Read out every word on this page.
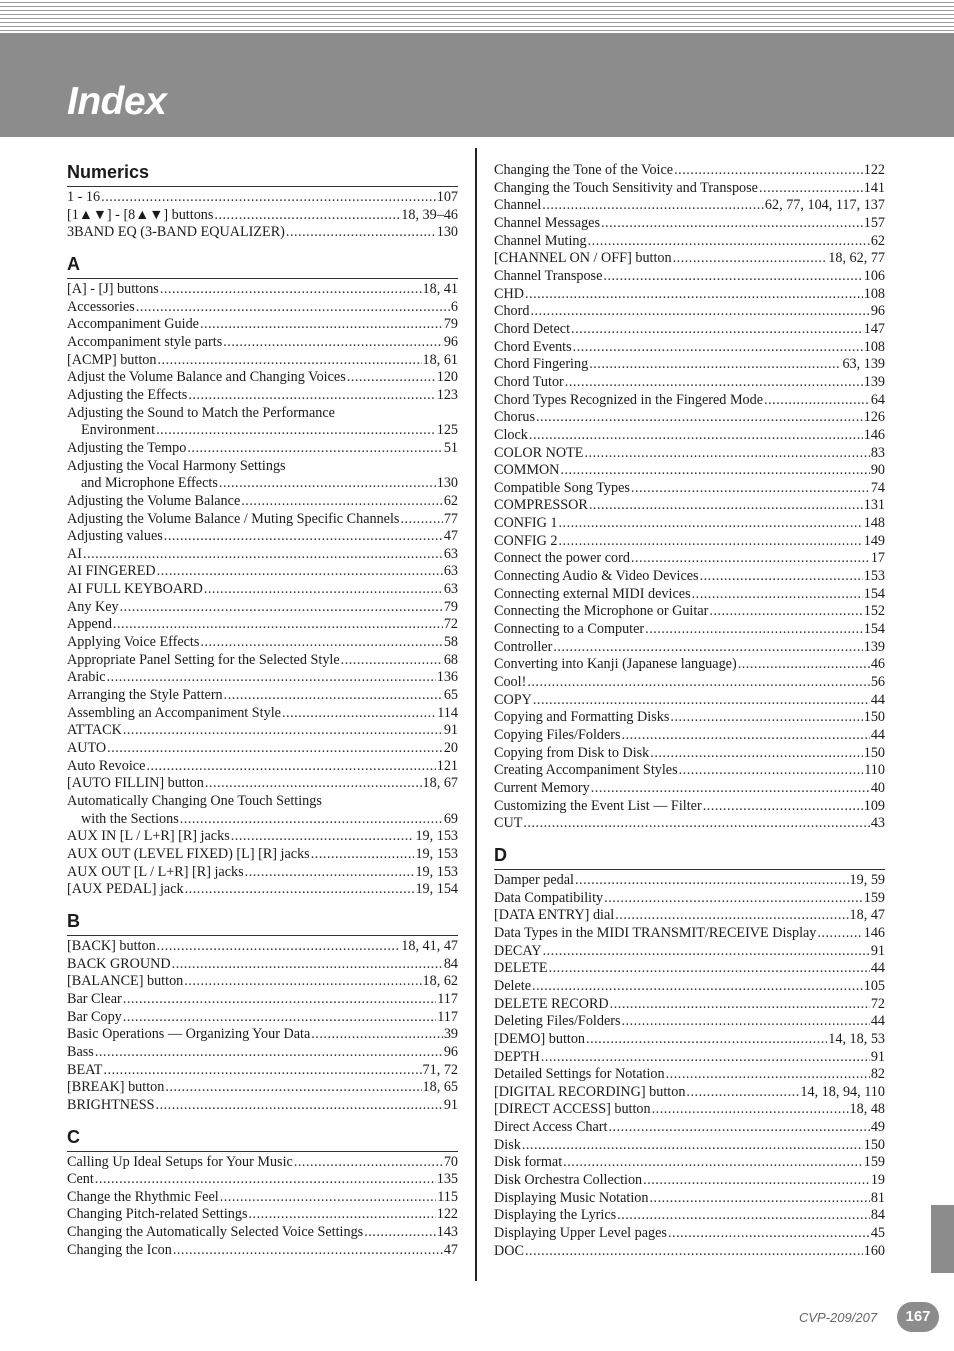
Index
Numerics
1 - 16 .....	107
[1▲▼] - [8▲▼] buttons .....	18, 39–46
3BAND EQ (3-BAND EQUALIZER) .....	130
A
[A] - [J] buttons .....	18, 41
Accessories .....	6
Accompaniment Guide .....	79
Accompaniment style parts .....	96
[ACMP] button .....	18, 61
Adjust the Volume Balance and Changing Voices .....	120
Adjusting the Effects .....	123
Adjusting the Sound to Match the Performance
Environment .....	125
Adjusting the Tempo .....	51
Adjusting the Vocal Harmony Settings
and Microphone Effects .....	130
Adjusting the Volume Balance .....	62
Adjusting the Volume Balance / Muting Specific Channels .....	77
Adjusting values .....	47
AI .....	63
AI FINGERED .....	63
AI FULL KEYBOARD .....	63
Any Key .....	79
Append .....	72
Applying Voice Effects .....	58
Appropriate Panel Setting for the Selected Style .....	68
Arabic .....	136
Arranging the Style Pattern .....	65
Assembling an Accompaniment Style .....	114
ATTACK .....	91
AUTO .....	20
Auto Revoice .....	121
[AUTO FILLIN] button .....	18, 67
Automatically Changing One Touch Settings
with the Sections .....	69
AUX IN [L / L+R] [R] jacks .....	19, 153
AUX OUT (LEVEL FIXED) [L] [R] jacks .....	19, 153
AUX OUT [L / L+R] [R] jacks .....	19, 153
[AUX PEDAL] jack .....	19, 154
B
[BACK] button .....	18, 41, 47
BACK GROUND .....	84
[BALANCE] button .....	18, 62
Bar Clear .....	117
Bar Copy .....	117
Basic Operations — Organizing Your Data .....	39
Bass .....	96
BEAT .....	71, 72
[BREAK] button .....	18, 65
BRIGHTNESS .....	91
C
Calling Up Ideal Setups for Your Music .....	70
Cent .....	135
Change the Rhythmic Feel .....	115
Changing Pitch-related Settings .....	122
Changing the Automatically Selected Voice Settings .....	143
Changing the Icon .....	47
Changing the Tone of the Voice .....	122
Changing the Touch Sensitivity and Transpose .....	141
Channel .....	62, 77, 104, 117, 137
Channel Messages .....	157
Channel Muting .....	62
[CHANNEL ON / OFF] button .....	18, 62, 77
Channel Transpose .....	106
CHD .....	108
Chord .....	96
Chord Detect .....	147
Chord Events .....	108
Chord Fingering .....	63, 139
Chord Tutor .....	139
Chord Types Recognized in the Fingered Mode .....	64
Chorus .....	126
Clock .....	146
COLOR NOTE .....	83
COMMON .....	90
Compatible Song Types .....	74
COMPRESSOR .....	131
CONFIG 1 .....	148
CONFIG 2 .....	149
Connect the power cord .....	17
Connecting Audio & Video Devices .....	153
Connecting external MIDI devices .....	154
Connecting the Microphone or Guitar .....	152
Connecting to a Computer .....	154
Controller .....	139
Converting into Kanji (Japanese language) .....	46
Cool! .....	56
COPY .....	44
Copying and Formatting Disks .....	150
Copying Files/Folders .....	44
Copying from Disk to Disk .....	150
Creating Accompaniment Styles .....	110
Current Memory .....	40
Customizing the Event List — Filter .....	109
CUT .....	43
D
Damper pedal .....	19, 59
Data Compatibility .....	159
[DATA ENTRY] dial .....	18, 47
Data Types in the MIDI TRANSMIT/RECEIVE Display .....	146
DECAY .....	91
DELETE .....	44
Delete .....	105
DELETE RECORD .....	72
Deleting Files/Folders .....	44
[DEMO] button .....	14, 18, 53
DEPTH .....	91
Detailed Settings for Notation .....	82
[DIGITAL RECORDING] button .....	14, 18, 94, 110
[DIRECT ACCESS] button .....	18, 48
Direct Access Chart .....	49
Disk .....	150
Disk format .....	159
Disk Orchestra Collection .....	19
Displaying Music Notation .....	81
Displaying the Lyrics .....	84
Displaying Upper Level pages .....	45
DOC .....	160
CVP-209/207	167
